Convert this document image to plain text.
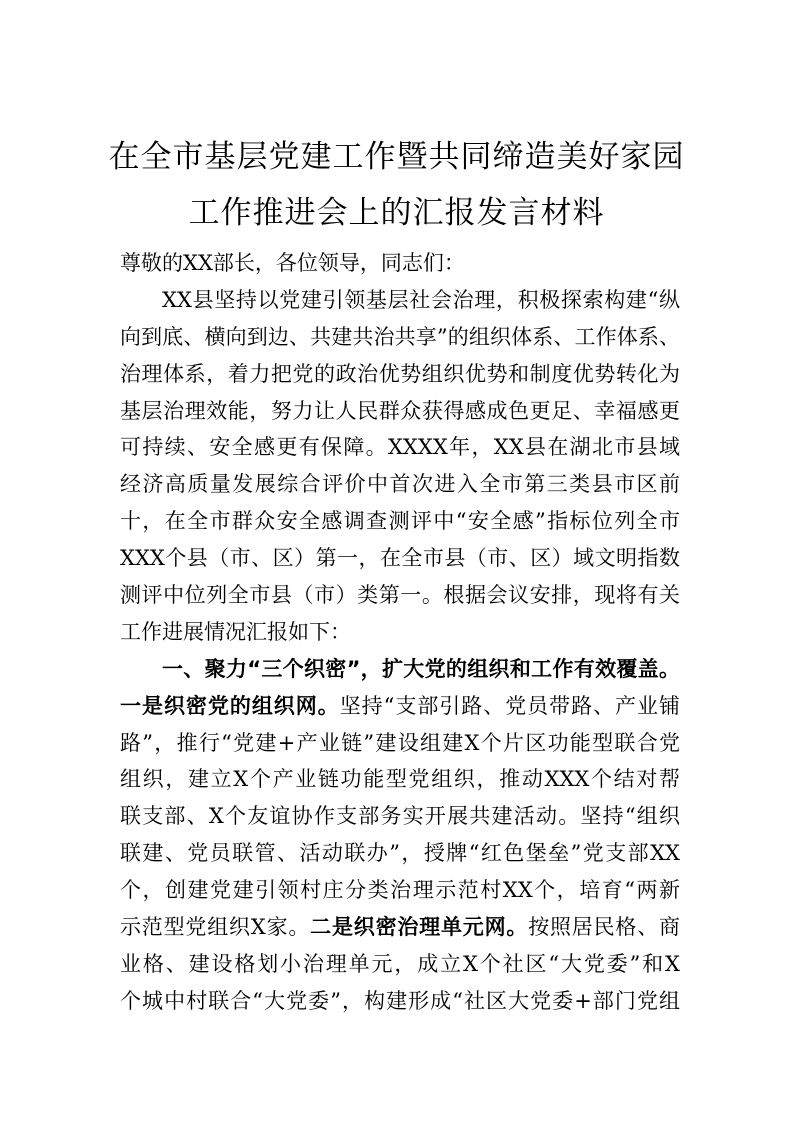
在全市基层党建工作暨共同缔造美好家园
工作推进会上的汇报发言材料
尊敬的XX部长，各位领导，同志们：
XX县坚持以党建引领基层社会治理，积极探索构建“纵
向到底、横向到边、共建共治共享”的组织体系、工作体系、
治理体系，着力把党的政治优势组织优势和制度优势转化为
基层治理效能，努力让人民群众获得感成色更足、幸福感更
可持续、安全感更有保障。XXXX年，XX县在湖北市县域
经济高质量发展综合评价中首次进入全市第三类县市区前
十，在全市群众安全感调查测评中“安全感”指标位列全市
XXX个县（市、区）第一，在全市县（市、区）域文明指数
测评中位列全市县（市）类第一。根据会议安排，现将有关
工作进展情况汇报如下：
一、聚力“三个织密”，扩大党的组织和工作有效覆盖。
一是织密党的组织网。坚持“支部引路、党员带路、产业铺
路”，推行“党建+产业链”建设组建X个片区功能型联合党
组织，建立X个产业链功能型党组织，推动XXX个结对帮
联支部、X个友谊协作支部务实开展共建活动。坚持“组织
联建、党员联管、活动联办”，授牌“红色堡垒”党支部XX
个，创建党建引领村庄分类治理示范村XX个，培育“两新
示范型党组织X家。二是织密治理单元网。按照居民格、商
业格、建设格划小治理单元，成立X个社区“大党委”和X
个城中村联合“大党委”，构建形成“社区大党委+部门党组
